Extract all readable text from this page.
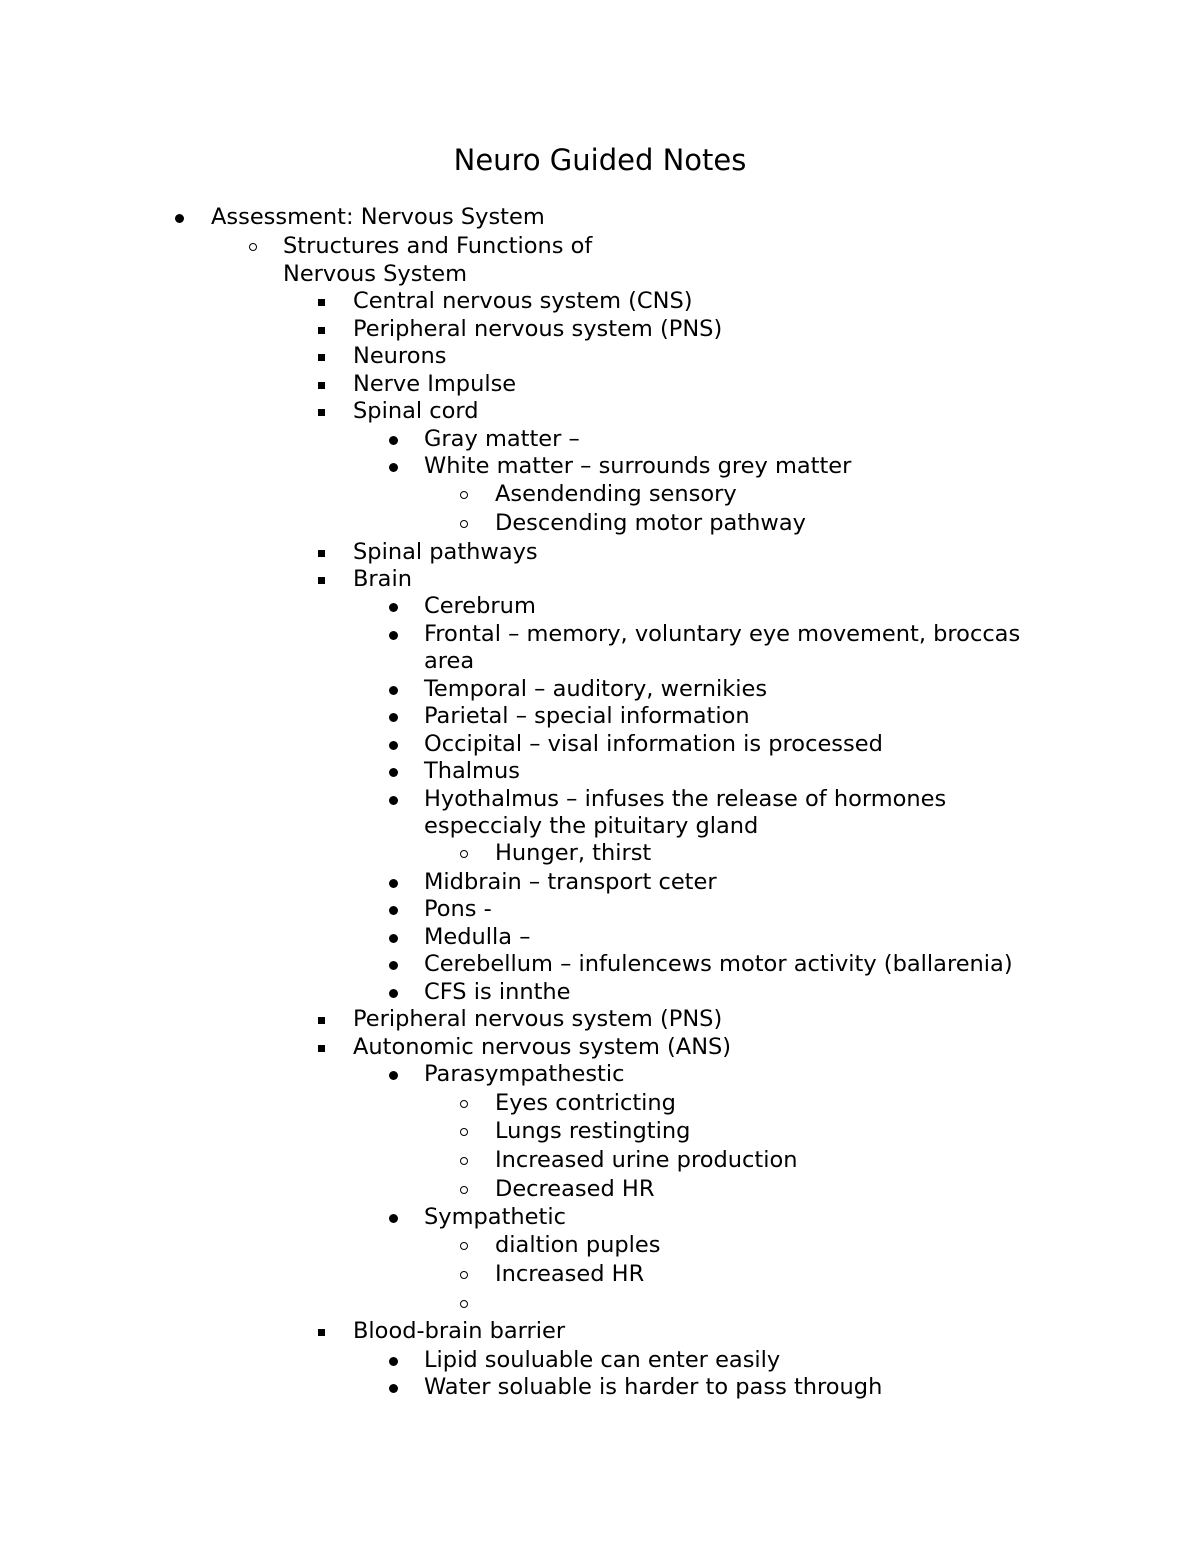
Neuro Guided Notes
Assessment: Nervous System
Structures and Functions of
Nervous System
Central nervous system (CNS)
Peripheral nervous system (PNS)
Neurons
Nerve Impulse
Spinal cord
Gray matter –
White matter – surrounds grey matter
Asendending sensory
Descending motor pathway
Spinal pathways
Brain
Cerebrum
Frontal – memory, voluntary eye movement, broccas
area
Temporal – auditory, wernikies
Parietal – special information
Occipital – visal information is processed
Thalmus
Hyothalmus – infuses the release of hormones
especcialy the pituitary gland
Hunger, thirst
Midbrain – transport ceter
Pons -
Medulla –
Cerebellum – infulencews motor activity (ballarenia)
CFS is innthe
Peripheral nervous system (PNS)
Autonomic nervous system (ANS)
Parasympathestic
Eyes contricting
Lungs restingting
Increased urine production
Decreased HR
Sympathetic
dialtion puples
Increased HR
Blood-brain barrier
Lipid souluable can enter easily
Water soluable is harder to pass through
